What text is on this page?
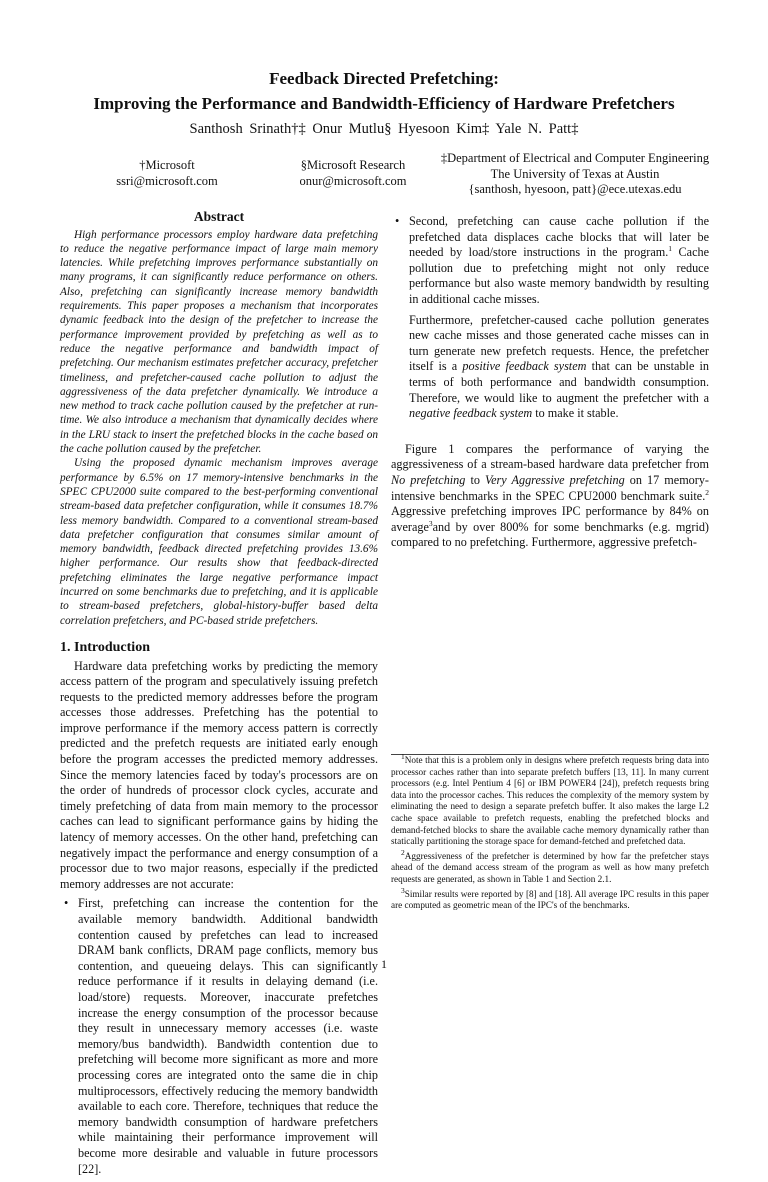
Feedback Directed Prefetching:
Improving the Performance and Bandwidth-Efficiency of Hardware Prefetchers
Santhosh Srinath†‡ Onur Mutlu§ Hyesoon Kim‡ Yale N. Patt‡
†Microsoft
ssri@microsoft.com
§Microsoft Research
onur@microsoft.com
‡Department of Electrical and Computer Engineering
The University of Texas at Austin
{santhosh, hyesoon, patt}@ece.utexas.edu
Abstract

High performance processors employ hardware data prefetching to reduce the negative performance impact of large main memory latencies. While prefetching improves performance substantially on many programs, it can significantly reduce performance on others. Also, prefetching can significantly increase memory bandwidth requirements. This paper proposes a mechanism that incorporates dynamic feedback into the design of the prefetcher to increase the performance improvement provided by prefetching as well as to reduce the negative performance and bandwidth impact of prefetching. Our mechanism estimates prefetcher accuracy, prefetcher timeliness, and prefetcher-caused cache pollution to adjust the aggressiveness of the data prefetcher dynamically. We introduce a new method to track cache pollution caused by the prefetcher at run-time. We also introduce a mechanism that dynamically decides where in the LRU stack to insert the prefetched blocks in the cache based on the cache pollution caused by the prefetcher.

Using the proposed dynamic mechanism improves average performance by 6.5% on 17 memory-intensive benchmarks in the SPEC CPU2000 suite compared to the best-performing conventional stream-based data prefetcher configuration, while it consumes 18.7% less memory bandwidth. Compared to a conventional stream-based data prefetcher configuration that consumes similar amount of memory bandwidth, feedback directed prefetching provides 13.6% higher performance. Our results show that feedback-directed prefetching eliminates the large negative performance impact incurred on some benchmarks due to prefetching, and it is applicable to stream-based prefetchers, global-history-buffer based delta correlation prefetchers, and PC-based stride prefetchers.

1. Introduction

Hardware data prefetching works by predicting the memory access pattern of the program and speculatively issuing prefetch requests to the predicted memory addresses before the program accesses those addresses. Prefetching has the potential to improve performance if the memory access pattern is correctly predicted and the prefetch requests are initiated early enough before the program accesses the predicted memory addresses. Since the memory latencies faced by today's processors are on the order of hundreds of processor clock cycles, accurate and timely prefetching of data from main memory to the processor caches can lead to significant performance gains by hiding the latency of memory accesses. On the other hand, prefetching can negatively impact the performance and energy consumption of a processor due to two major reasons, especially if the predicted memory addresses are not accurate:

• First, prefetching can increase the contention for the available memory bandwidth. Additional bandwidth contention caused by prefetches can lead to increased DRAM bank conflicts, DRAM page conflicts, memory bus contention, and queueing delays. This can significantly reduce performance if it results in delaying demand (i.e. load/store) requests. Moreover, inaccurate prefetches increase the energy consumption of the processor because they result in unnecessary memory accesses (i.e. waste memory/bus bandwidth). Bandwidth contention due to prefetching will become more significant as more and more processing cores are integrated onto the same die in chip multiprocessors, effectively reducing the memory bandwidth available to each core. Therefore, techniques that reduce the memory bandwidth consumption of hardware prefetchers while maintaining their performance improvement will become more desirable and valuable in future processors [22].
• Second, prefetching can cause cache pollution if the prefetched data displaces cache blocks that will later be needed by load/store instructions in the program.$^1$ Cache pollution due to prefetching might not only reduce performance but also waste memory bandwidth by resulting in additional cache misses.

Furthermore, prefetcher-caused cache pollution generates new cache misses and those generated cache misses can in turn generate new prefetch requests. Hence, the prefetcher itself is a positive feedback system that can be unstable in terms of both performance and bandwidth consumption. Therefore, we would like to augment the prefetcher with a negative feedback system to make it stable.

Figure 1 compares the performance of varying the aggressiveness of a stream-based hardware data prefetcher from No prefetching to Very Aggressive prefetching on 17 memory-intensive benchmarks in the SPEC CPU2000 benchmark suite.$^2$ Aggressive prefetching improves IPC performance by 84% on average$^3$and by over 800% for some benchmarks (e.g. mgrid) compared to no prefetching. Furthermore, aggressive prefetch-

$^1$Note that this is a problem only in designs where prefetch requests bring data into processor caches rather than into separate prefetch buffers [13, 11]. In many current processors (e.g. Intel Pentium 4 [6] or IBM POWER4 [24]), prefetch requests bring data into the processor caches. This reduces the complexity of the memory system by eliminating the need to design a separate prefetch buffer. It also makes the large L2 cache space available to prefetch requests, enabling the prefetched blocks and demand-fetched blocks to share the available cache memory dynamically rather than statically partitioning the storage space for demand-fetched and prefetched data.

$^2$Aggressiveness of the prefetcher is determined by how far the prefetcher stays ahead of the demand access stream of the program as well as how many prefetch requests are generated, as shown in Table 1 and Section 2.1.

$^3$Similar results were reported by [8] and [18]. All average IPC results in this paper are computed as geometric mean of the IPC's of the benchmarks.

1
